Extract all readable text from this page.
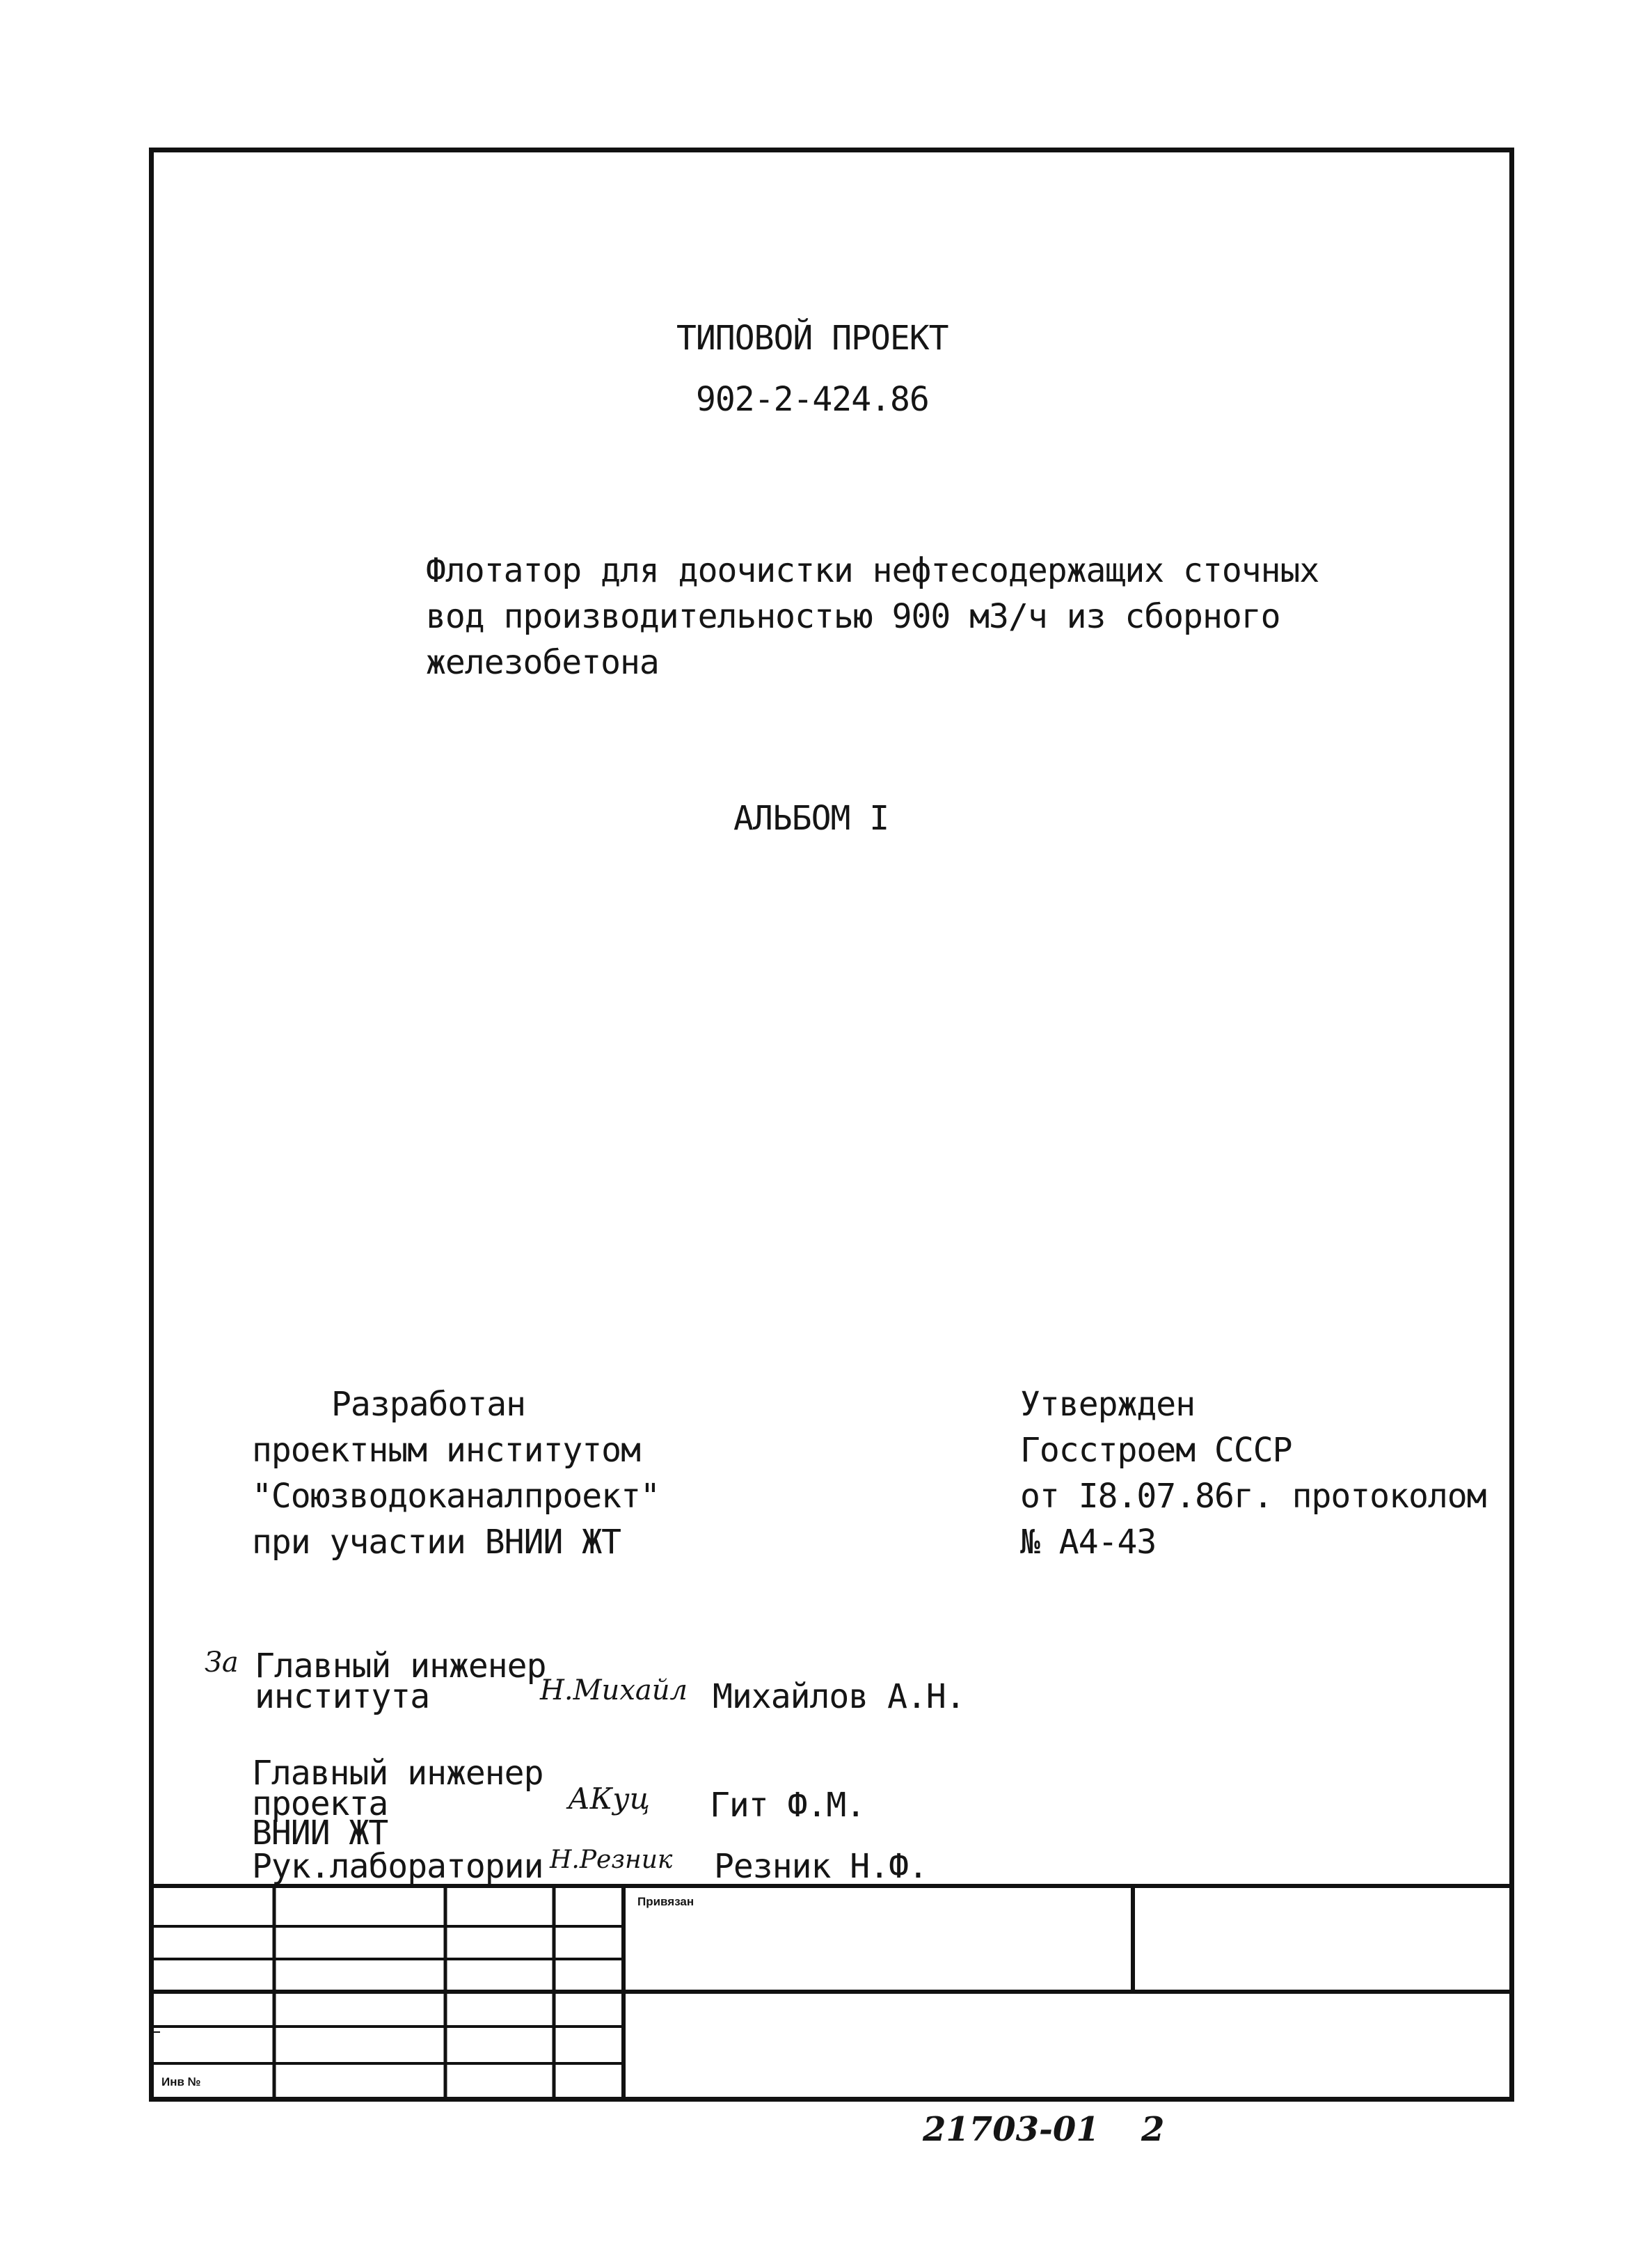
ТИПОВОЙ ПРОЕКТ
902-2-424.86
Флотатор для доочистки нефтесодержащих сточных
вод производительностью 900 м3/ч из сборного
железобетона
АЛЬБОМ I
Разработан
проектным институтом
"Союзводоканалпроект"
при участии ВНИИ ЖТ
Утвержден
Госстроем СССР
от I8.07.86г. протоколом
№ А4-43
За Главный инженер
института	Н.Михайл Михайлов А.Н.
Главный инженер
проекта
ВНИИ ЖТ
АКуц Гит Ф.М.
Рук.лаборатории Н.Резник Резник Н.Ф.
Привязан
Инв №
21703-01 2
